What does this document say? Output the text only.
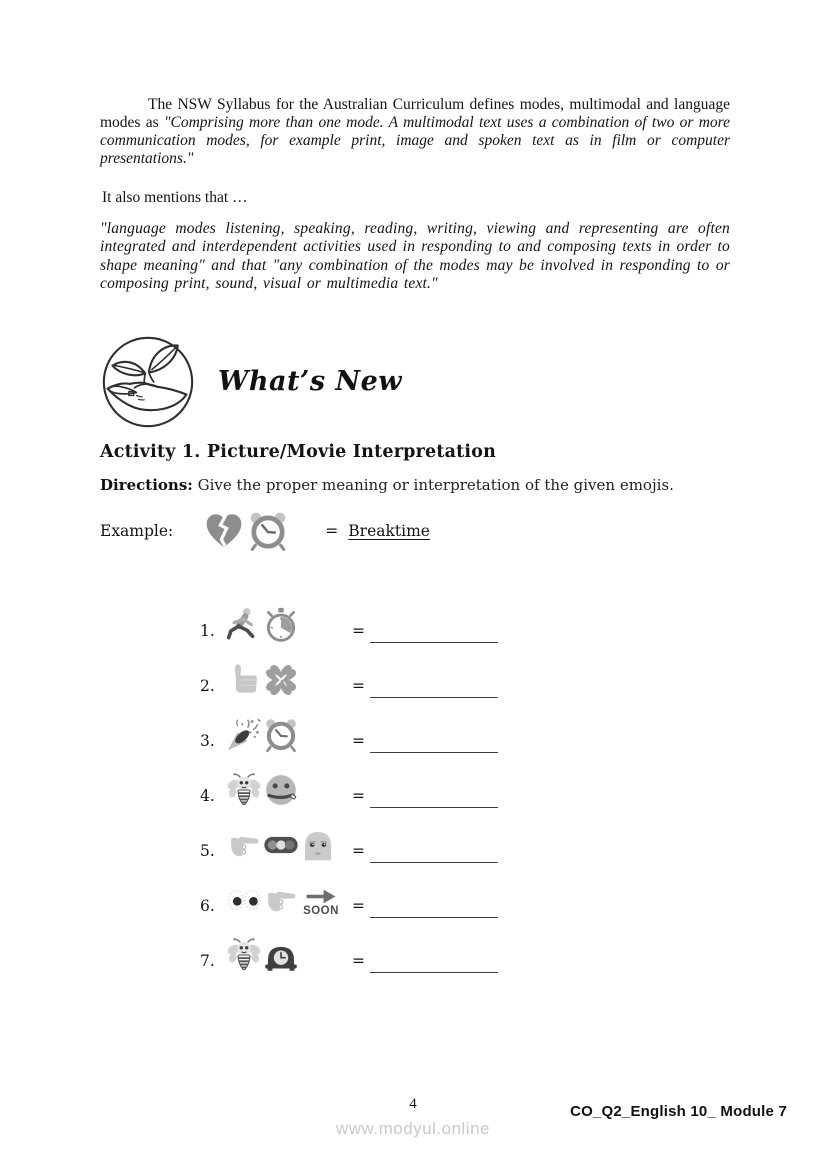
The NSW Syllabus for the Australian Curriculum defines modes, multimodal and language modes as "Comprising more than one mode. A multimodal text uses a combination of two or more communication modes, for example print, image and spoken text as in film or computer presentations."

It also mentions that …

"language modes listening, speaking, reading, writing, viewing and representing are often integrated and interdependent activities used in responding to and composing texts in order to shape meaning" and that "any combination of the modes may be involved in responding to or composing print, sound, visual or multimedia text."

What’s New
Activity 1. Picture/Movie Interpretation
Directions: Give the proper meaning or interpretation of the given emojis.
Example:	= Breaktime
1.	=
2.	=
3.	=
4.	=
5.	=
6.	SOON =
7.	=
4
www.modyul.online
CO_Q2_English 10_ Module 7
